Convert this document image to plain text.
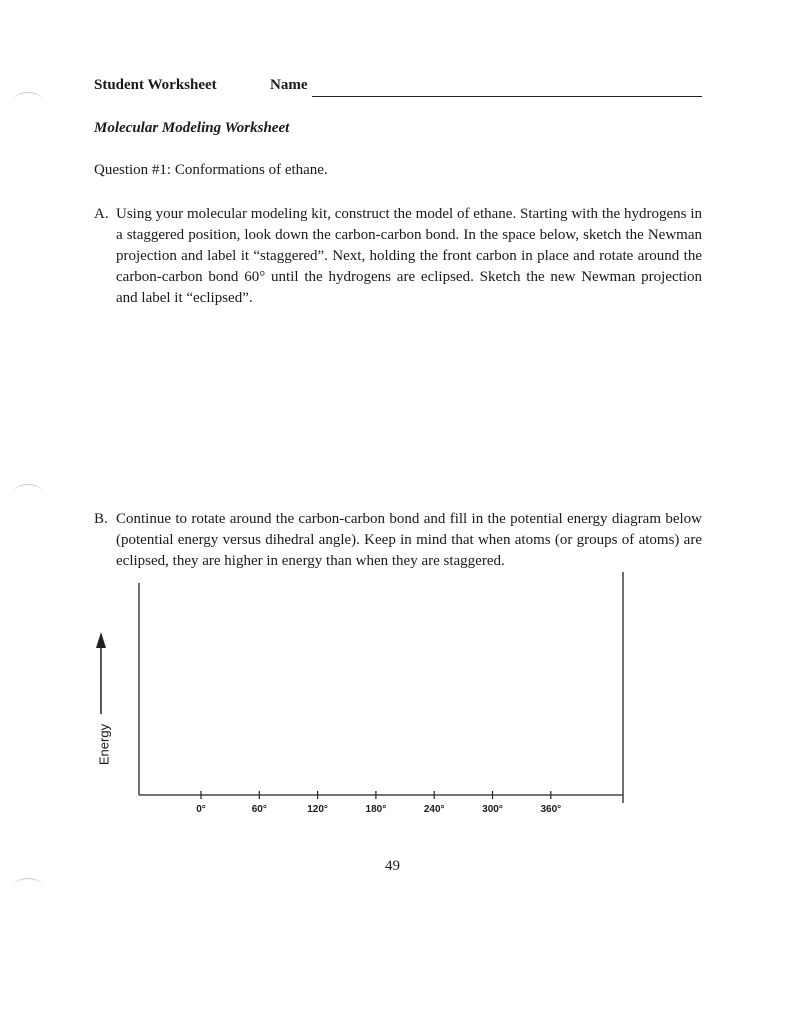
Student Worksheet	Name
Molecular Modeling Worksheet
Question #1: Conformations of ethane.
A. Using your molecular modeling kit, construct the model of ethane. Starting with the hydrogens in a staggered position, look down the carbon-carbon bond. In the space below, sketch the Newman projection and label it “staggered”. Next, holding the front carbon in place and rotate around the carbon-carbon bond 60° until the hydrogens are eclipsed. Sketch the new Newman projection and label it “eclipsed”.
B. Continue to rotate around the carbon-carbon bond and fill in the potential energy diagram below (potential energy versus dihedral angle). Keep in mind that when atoms (or groups of atoms) are eclipsed, they are higher in energy than when they are staggered.
Energy
0°	60°	120°	180°	240°	300°	360°
49
